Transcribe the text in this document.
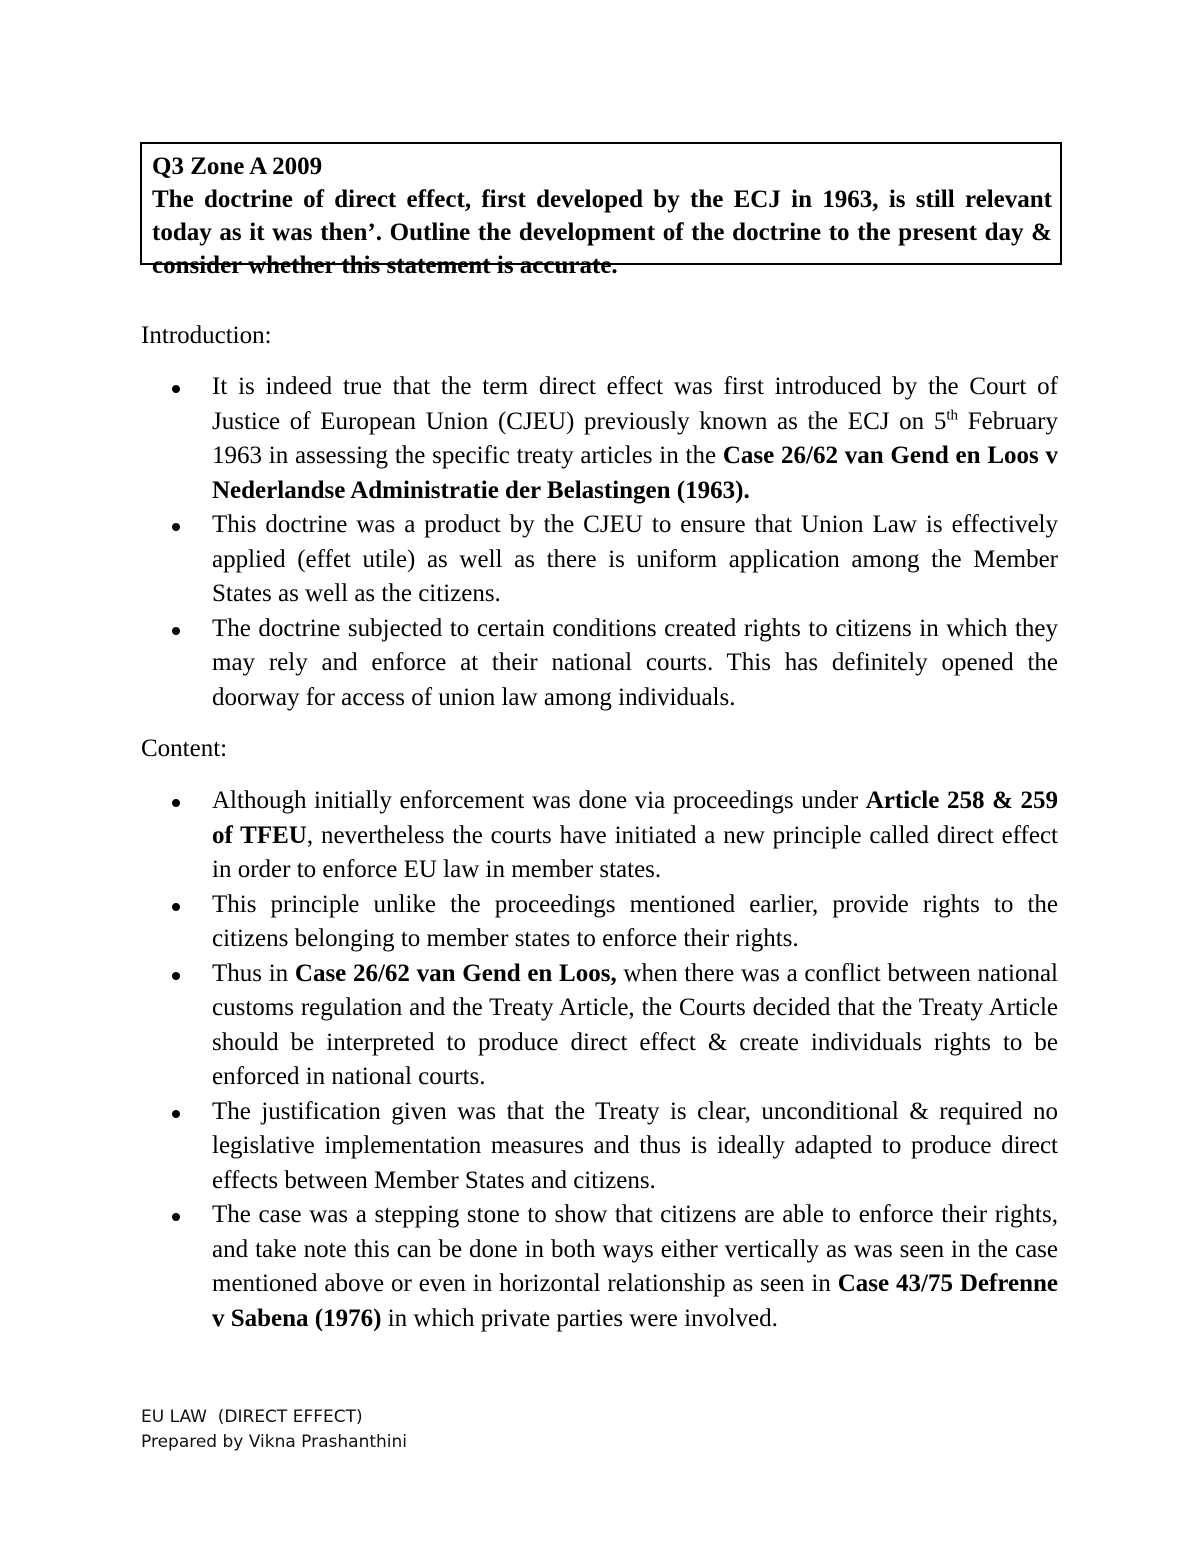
Q3 Zone A 2009
The doctrine of direct effect, first developed by the ECJ in 1963, is still relevant today as it was then’. Outline the development of the doctrine to the present day & consider whether this statement is accurate.
Introduction:
It is indeed true that the term direct effect was first introduced by the Court of Justice of European Union (CJEU) previously known as the ECJ on 5th February 1963 in assessing the specific treaty articles in the Case 26/62 van Gend en Loos v Nederlandse Administratie der Belastingen (1963).
This doctrine was a product by the CJEU to ensure that Union Law is effectively applied (effet utile) as well as there is uniform application among the Member States as well as the citizens.
The doctrine subjected to certain conditions created rights to citizens in which they may rely and enforce at their national courts. This has definitely opened the doorway for access of union law among individuals.
Content:
Although initially enforcement was done via proceedings under Article 258 & 259 of TFEU, nevertheless the courts have initiated a new principle called direct effect in order to enforce EU law in member states.
This principle unlike the proceedings mentioned earlier, provide rights to the citizens belonging to member states to enforce their rights.
Thus in Case 26/62 van Gend en Loos, when there was a conflict between national customs regulation and the Treaty Article, the Courts decided that the Treaty Article should be interpreted to produce direct effect & create individuals rights to be enforced in national courts.
The justification given was that the Treaty is clear, unconditional & required no legislative implementation measures and thus is ideally adapted to produce direct effects between Member States and citizens.
The case was a stepping stone to show that citizens are able to enforce their rights, and take note this can be done in both ways either vertically as was seen in the case mentioned above or even in horizontal relationship as seen in Case 43/75 Defrenne v Sabena (1976) in which private parties were involved.
EU LAW  (DIRECT EFFECT)
Prepared by Vikna Prashanthini
